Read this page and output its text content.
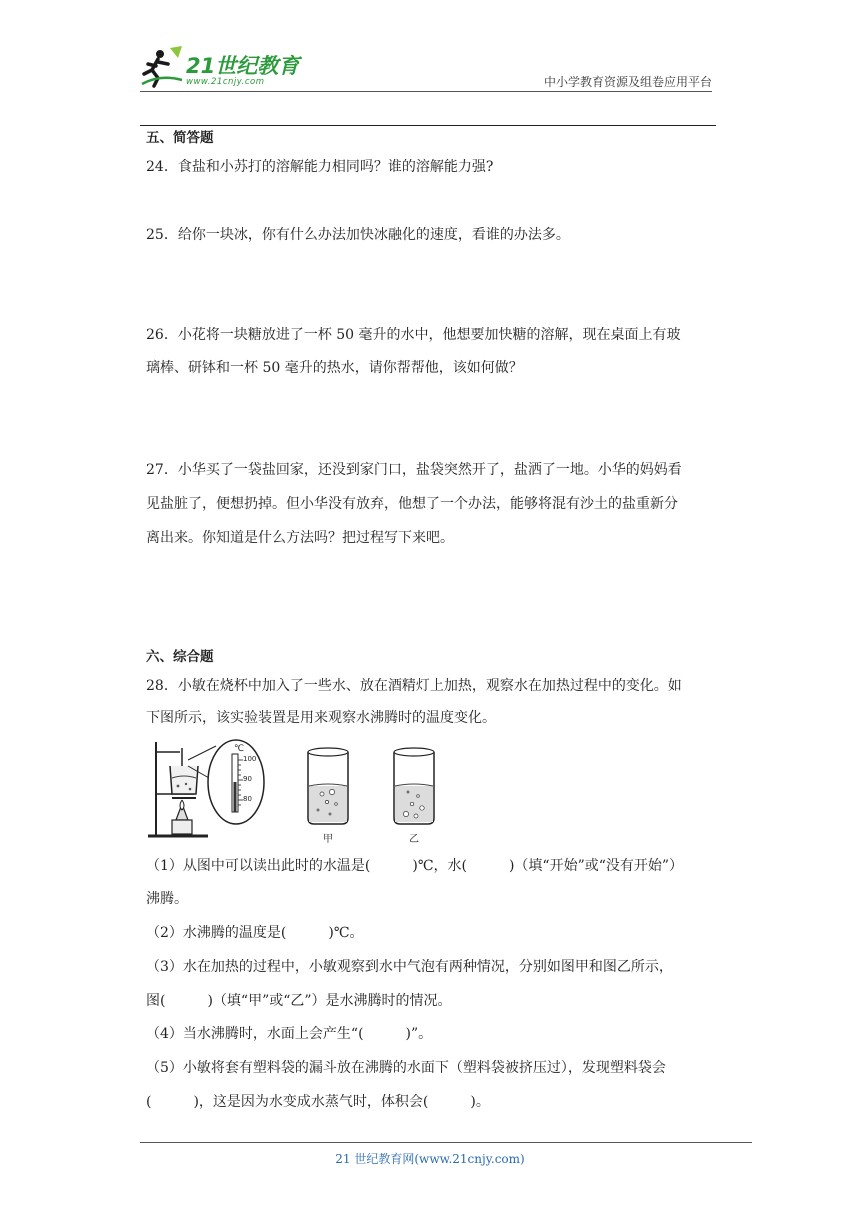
21世纪教育
www.21cnjy.com	中小学教育资源及组卷应用平台
五、简答题
24．食盐和小苏打的溶解能力相同吗？谁的溶解能力强?
25．给你一块冰，你有什么办法加快冰融化的速度，看谁的办法多。
26．小花将一块糖放进了一杯 50 毫升的水中，他想要加快糖的溶解，现在桌面上有玻
璃棒、研钵和一杯 50 毫升的热水，请你帮帮他，该如何做？
27．小华买了一袋盐回家，还没到家门口，盐袋突然开了，盐洒了一地。小华的妈妈看
见盐脏了，便想扔掉。但小华没有放弃，他想了一个办法，能够将混有沙土的盐重新分
离出来。你知道是什么方法吗？把过程写下来吧。
六、综合题
28．小敏在烧杯中加入了一些水、放在酒精灯上加热，观察水在加热过程中的变化。如
下图所示，该实验装置是用来观察水沸腾时的温度变化。
℃
100
90
80
甲	乙
（1）从图中可以读出此时的水温是(　　　)℃，水(　　　)（填“开始”或“没有开始”）
沸腾。
（2）水沸腾的温度是(　　　)℃。
（3）水在加热的过程中，小敏观察到水中气泡有两种情况，分别如图甲和图乙所示，
图(　　　)（填“甲”或“乙”）是水沸腾时的情况。
（4）当水沸腾时，水面上会产生“(　　　)”。
（5）小敏将套有塑料袋的漏斗放在沸腾的水面下（塑料袋被挤压过），发现塑料袋会
(　　　)，这是因为水变成水蒸气时，体积会(　　　)。
21 世纪教育网(www.21cnjy.com)
